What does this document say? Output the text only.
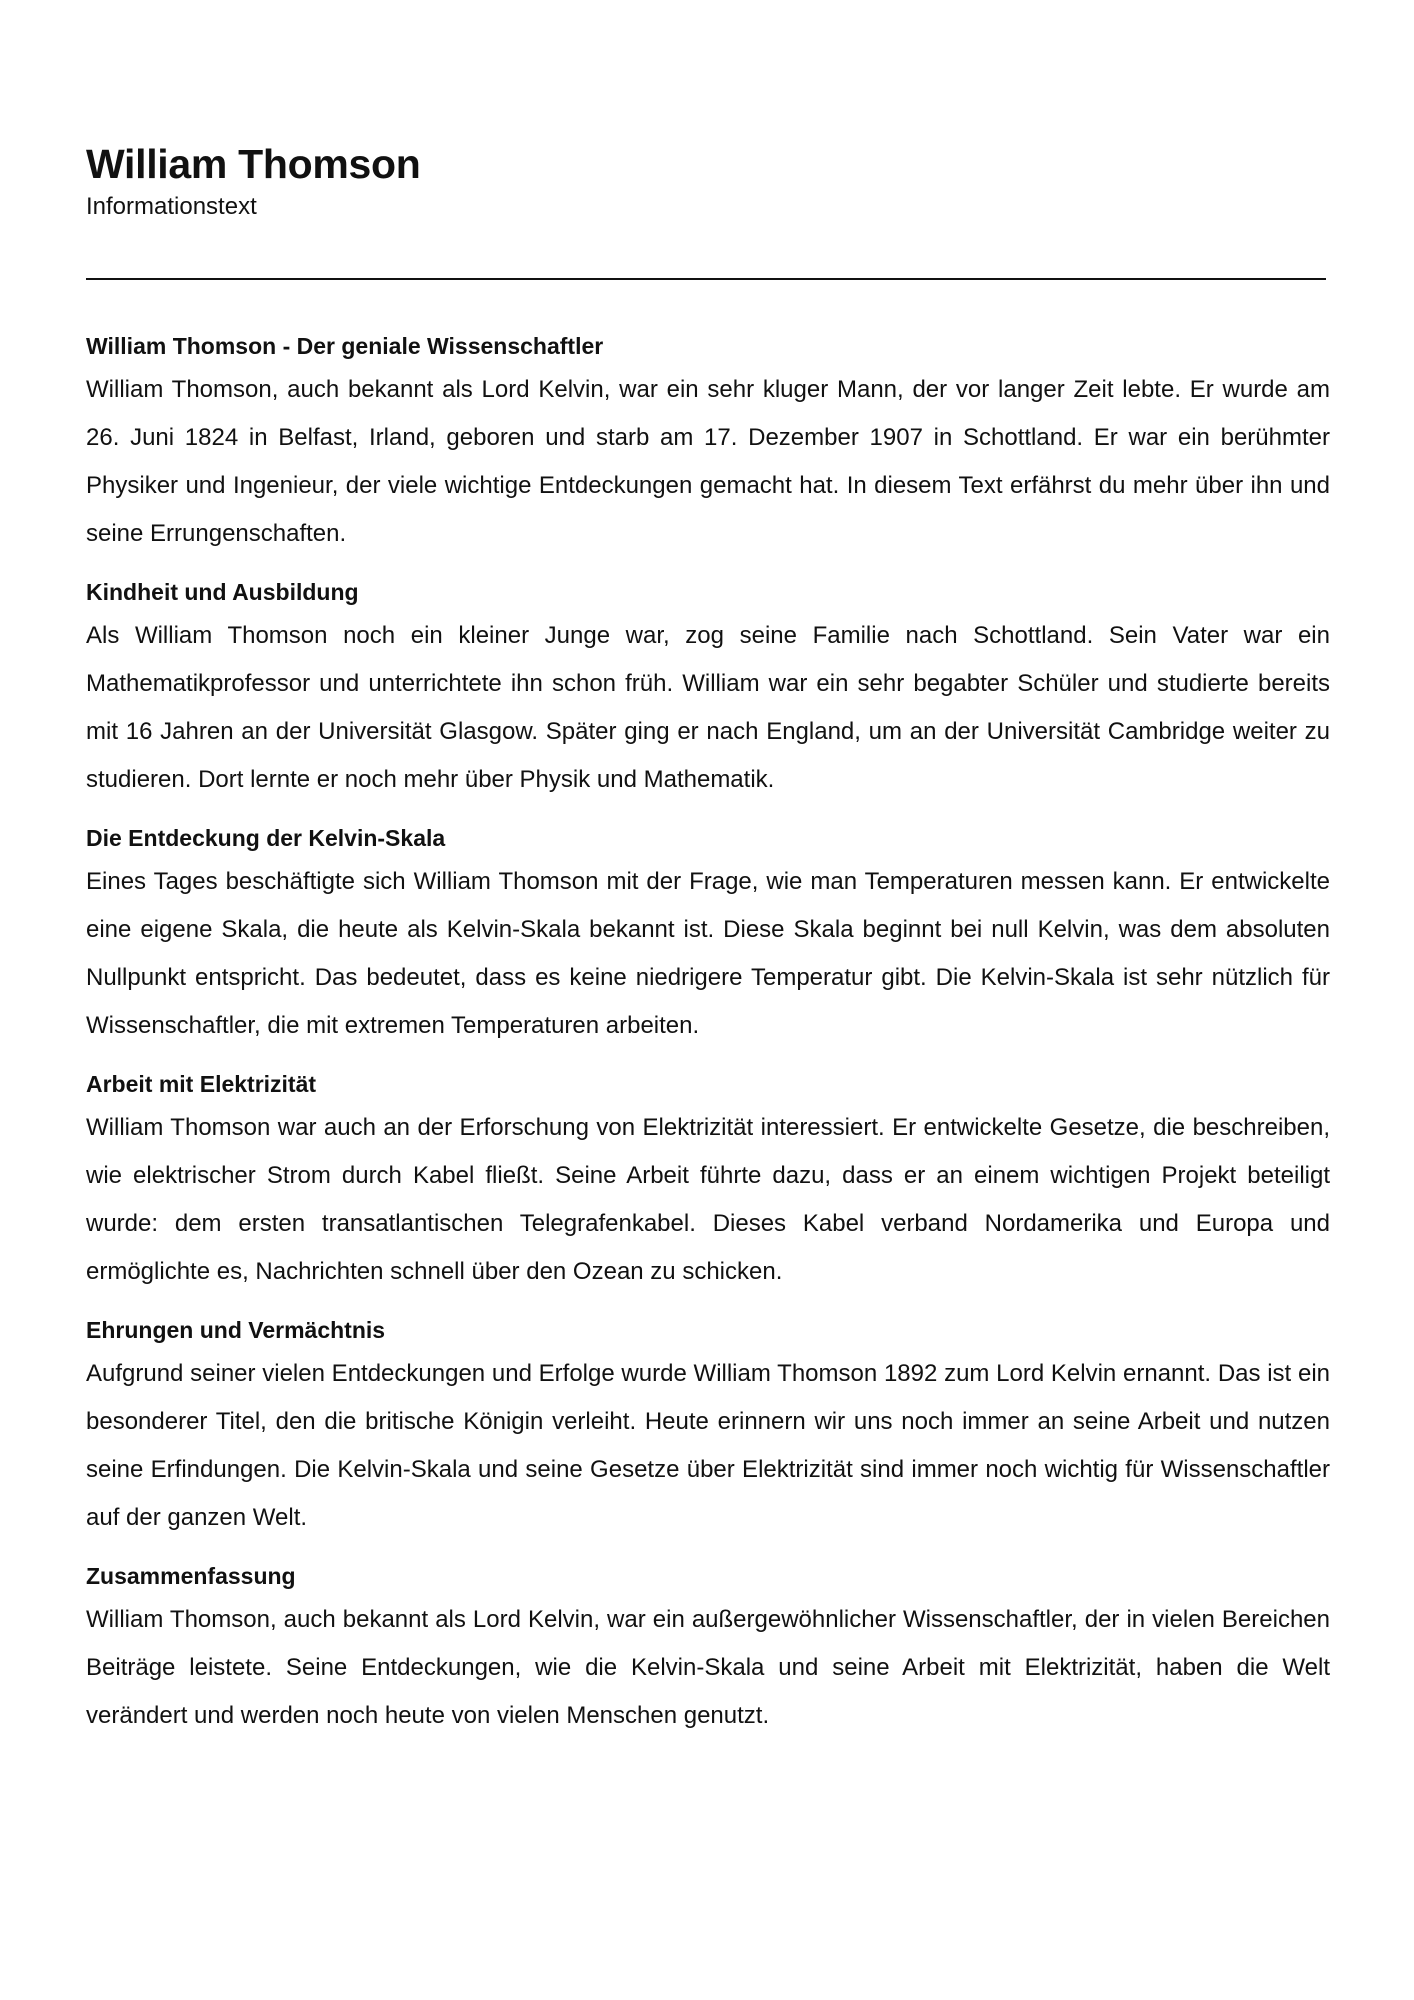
William Thomson

Informationstext

William Thomson - Der geniale Wissenschaftler

William Thomson, auch bekannt als Lord Kelvin, war ein sehr kluger Mann, der vor langer Zeit lebte. Er wurde am 26. Juni 1824 in Belfast, Irland, geboren und starb am 17. Dezember 1907 in Schottland. Er war ein berühmter Physiker und Ingenieur, der viele wichtige Entdeckungen gemacht hat. In diesem Text erfährst du mehr über ihn und seine Errungenschaften.

Kindheit und Ausbildung

Als William Thomson noch ein kleiner Junge war, zog seine Familie nach Schottland. Sein Vater war ein Mathematikprofessor und unterrichtete ihn schon früh. William war ein sehr begabter Schüler und studierte bereits mit 16 Jahren an der Universität Glasgow. Später ging er nach England, um an der Universität Cambridge weiter zu studieren. Dort lernte er noch mehr über Physik und Mathematik.

Die Entdeckung der Kelvin-Skala

Eines Tages beschäftigte sich William Thomson mit der Frage, wie man Temperaturen messen kann. Er entwickelte eine eigene Skala, die heute als Kelvin-Skala bekannt ist. Diese Skala beginnt bei null Kelvin, was dem absoluten Nullpunkt entspricht. Das bedeutet, dass es keine niedrigere Temperatur gibt. Die Kelvin-Skala ist sehr nützlich für Wissenschaftler, die mit extremen Temperaturen arbeiten.

Arbeit mit Elektrizität

William Thomson war auch an der Erforschung von Elektrizität interessiert. Er entwickelte Gesetze, die beschreiben, wie elektrischer Strom durch Kabel fließt. Seine Arbeit führte dazu, dass er an einem wichtigen Projekt beteiligt wurde: dem ersten transatlantischen Telegrafenkabel. Dieses Kabel verband Nordamerika und Europa und ermöglichte es, Nachrichten schnell über den Ozean zu schicken.

Ehrungen und Vermächtnis

Aufgrund seiner vielen Entdeckungen und Erfolge wurde William Thomson 1892 zum Lord Kelvin ernannt. Das ist ein besonderer Titel, den die britische Königin verleiht. Heute erinnern wir uns noch immer an seine Arbeit und nutzen seine Erfindungen. Die Kelvin-Skala und seine Gesetze über Elektrizität sind immer noch wichtig für Wissenschaftler auf der ganzen Welt.

Zusammenfassung

William Thomson, auch bekannt als Lord Kelvin, war ein außergewöhnlicher Wissenschaftler, der in vielen Bereichen Beiträge leistete. Seine Entdeckungen, wie die Kelvin-Skala und seine Arbeit mit Elektrizität, haben die Welt verändert und werden noch heute von vielen Menschen genutzt.
